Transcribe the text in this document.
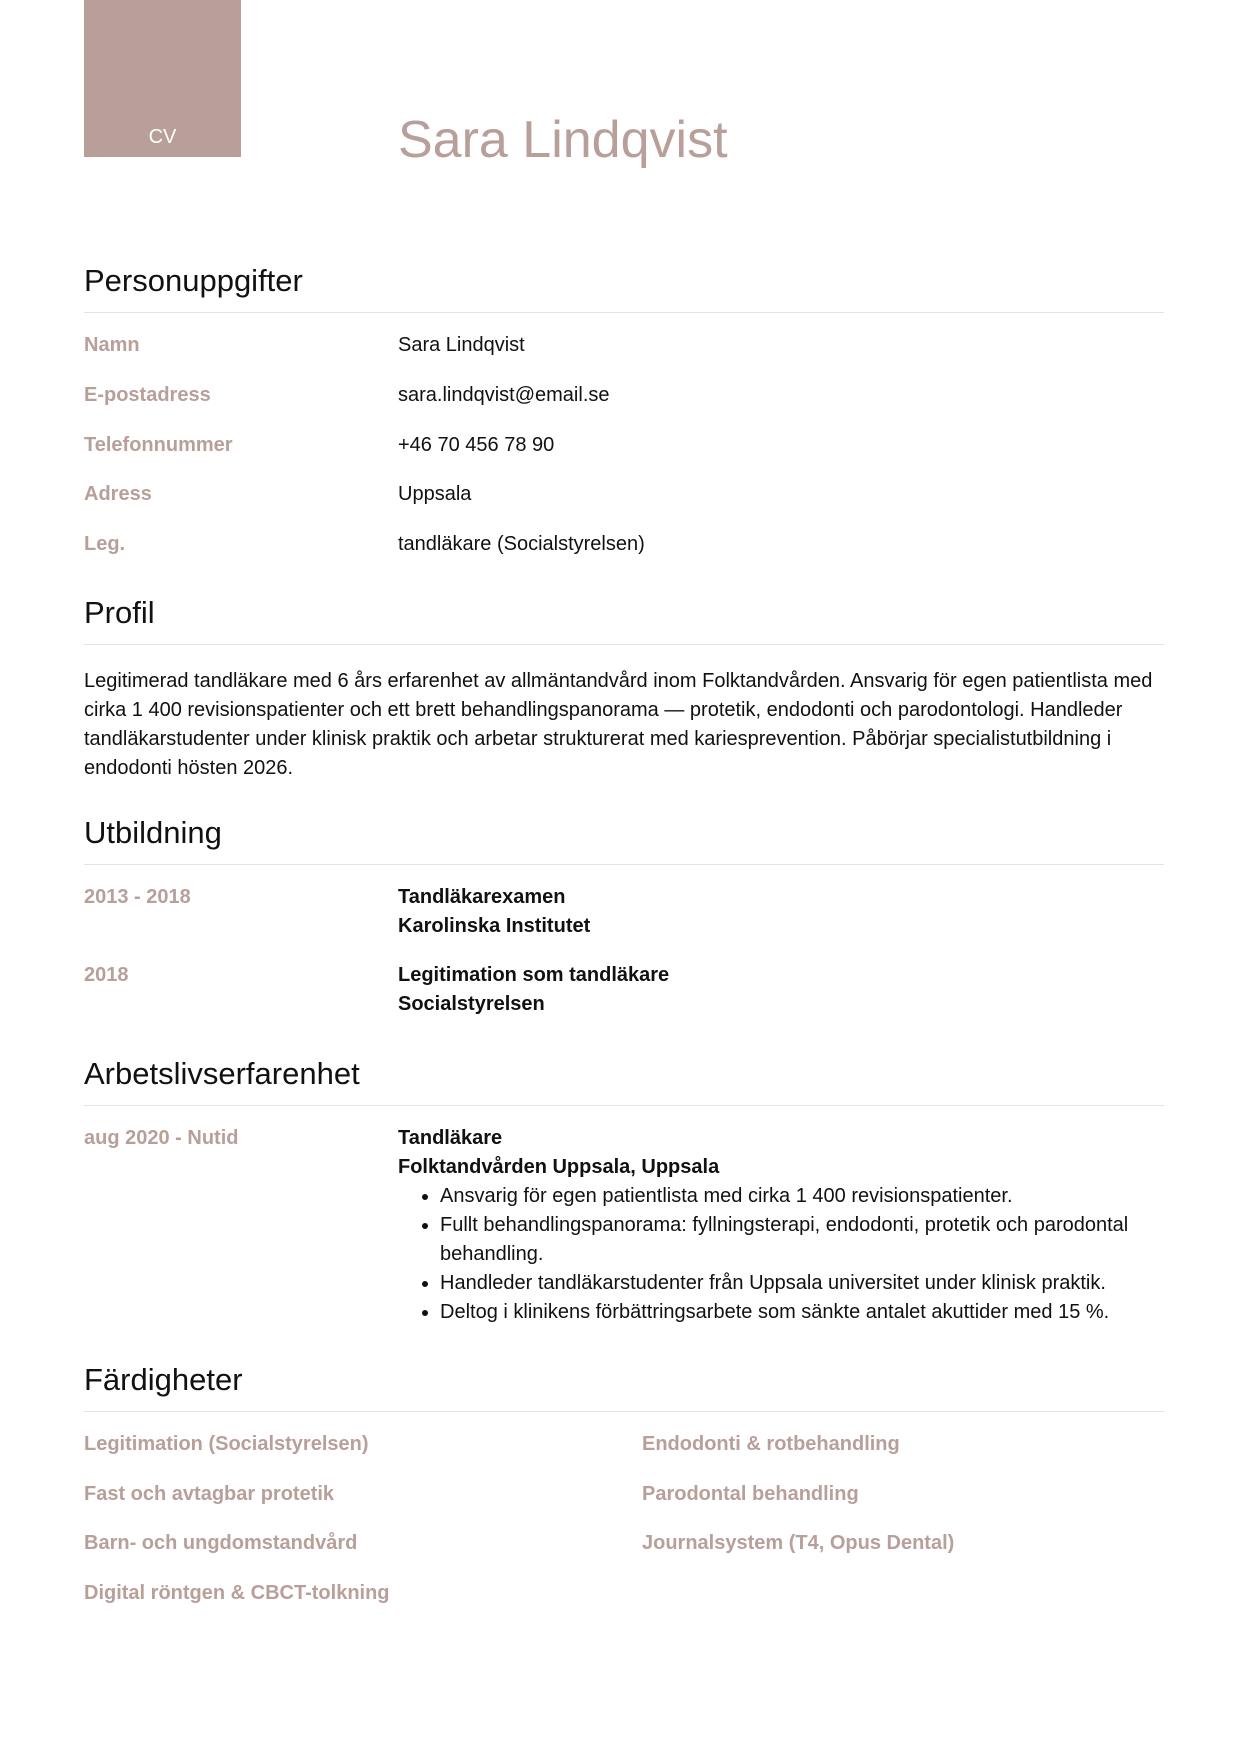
CV	Sara Lindqvist
Personuppgifter
Namn	Sara Lindqvist
E-postadress	sara.lindqvist@email.se
Telefonnummer	+46 70 456 78 90
Adress	Uppsala
Leg.	tandläkare (Socialstyrelsen)
Profil
Legitimerad tandläkare med 6 års erfarenhet av allmäntandvård inom Folktandvården. Ansvarig för egen patientlista med cirka 1 400 revisionspatienter och ett brett behandlingspanorama — protetik, endodonti och parodontologi. Handleder tandläkarstudenter under klinisk praktik och arbetar strukturerat med kariesprevention. Påbörjar specialistutbildning i endodonti hösten 2026.
Utbildning
2013 - 2018	Tandläkarexamen
Karolinska Institutet
2018	Legitimation som tandläkare
Socialstyrelsen
Arbetslivserfarenhet
aug 2020 - Nutid	Tandläkare
Folktandvården Uppsala, Uppsala
• Ansvarig för egen patientlista med cirka 1 400 revisionspatienter.
• Fullt behandlingspanorama: fyllningsterapi, endodonti, protetik och parodontal behandling.
• Handleder tandläkarstudenter från Uppsala universitet under klinisk praktik.
• Deltog i klinikens förbättringsarbete som sänkte antalet akuttider med 15 %.
Färdigheter
Legitimation (Socialstyrelsen)	Endodonti & rotbehandling
Fast och avtagbar protetik	Parodontal behandling
Barn- och ungdomstandvård	Journalsystem (T4, Opus Dental)
Digital röntgen & CBCT-tolkning
